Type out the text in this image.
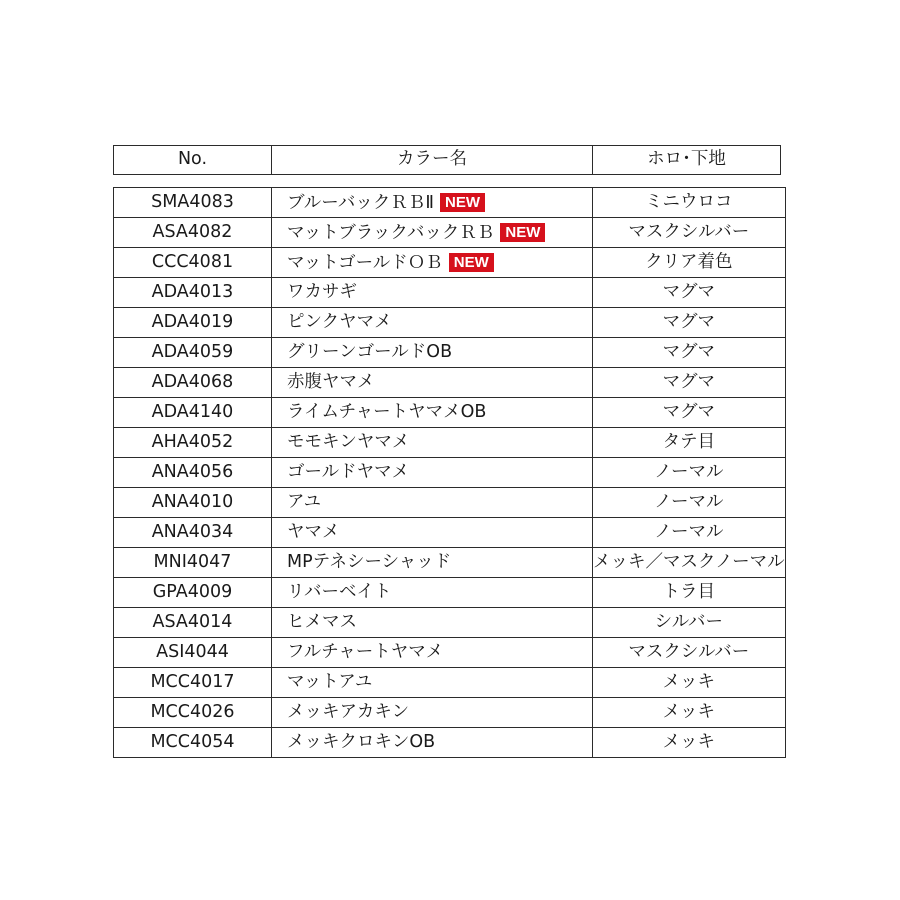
No.	カラー名	ホロ･下地
SMA4083	ブルーバックＲＢⅡ NEW	ミニウロコ
ASA4082	マットブラックバックＲＢ NEW	マスクシルバー
CCC4081	マットゴールドＯＢ NEW	クリア着色
ADA4013	ワカサギ	マグマ
ADA4019	ピンクヤマメ	マグマ
ADA4059	グリーンゴールドOB	マグマ
ADA4068	赤腹ヤマメ	マグマ
ADA4140	ライムチャートヤマメOB	マグマ
AHA4052	モモキンヤマメ	タテ目
ANA4056	ゴールドヤマメ	ノーマル
ANA4010	アユ	ノーマル
ANA4034	ヤマメ	ノーマル
MNI4047	MPテネシーシャッド	メッキ／マスクノーマル
GPA4009	リバーベイト	トラ目
ASA4014	ヒメマス	シルバー
ASI4044	フルチャートヤマメ	マスクシルバー
MCC4017	マットアユ	メッキ
MCC4026	メッキアカキン	メッキ
MCC4054	メッキクロキンOB	メッキ
